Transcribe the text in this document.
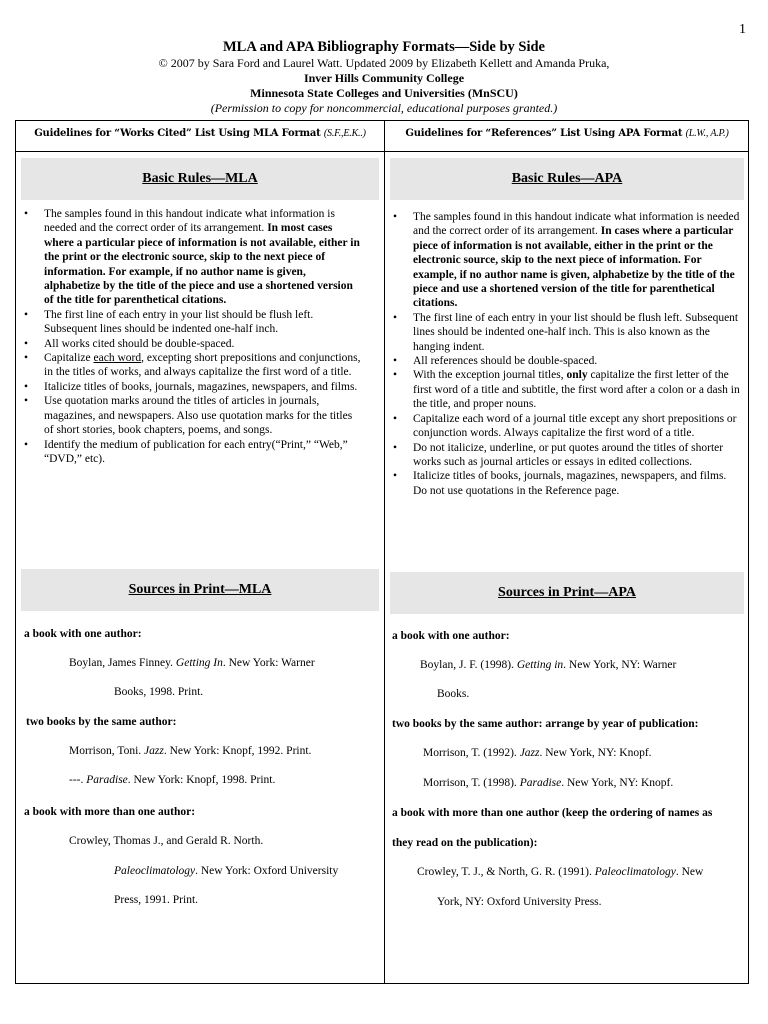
1
MLA and APA Bibliography Formats—Side by Side
© 2007 by Sara Ford and Laurel Watt. Updated 2009 by Elizabeth Kellett and Amanda Pruka,
Inver Hills Community College
Minnesota State Colleges and Universities (MnSCU)
(Permission to copy for noncommercial, educational purposes granted.)
Guidelines for “Works Cited” List Using MLA Format (S.F.,E.K..)
Basic Rules—MLA
• The samples found in this handout indicate what information is needed and the correct order of its arrangement. In most cases where a particular piece of information is not available, either in the print or the electronic source, skip to the next piece of information. For example, if no author name is given, alphabetize by the title of the piece and use a shortened version of the title for parenthetical citations.
• The first line of each entry in your list should be flush left. Subsequent lines should be indented one-half inch.
• All works cited should be double-spaced.
• Capitalize each word, excepting short prepositions and conjunctions, in the titles of works, and always capitalize the first word of a title.
• Italicize titles of books, journals, magazines, newspapers, and films.
• Use quotation marks around the titles of articles in journals, magazines, and newspapers. Also use quotation marks for the titles of short stories, book chapters, poems, and songs.
• Identify the medium of publication for each entry(“Print,” “Web,” “DVD,” etc).
Sources in Print—MLA
a book with one author:
Boylan, James Finney. Getting In. New York: Warner
Books, 1998. Print.
two books by the same author:
Morrison, Toni. Jazz. New York: Knopf, 1992. Print.
---. Paradise. New York: Knopf, 1998. Print.
a book with more than one author:
Crowley, Thomas J., and Gerald R. North.
Paleoclimatology. New York: Oxford University
Press, 1991. Print.
Guidelines for “References” List Using APA Format (L.W., A.P.)
Basic Rules—APA
• The samples found in this handout indicate what information is needed and the correct order of its arrangement. In cases where a particular piece of information is not available, either in the print or the electronic source, skip to the next piece of information. For example, if no author name is given, alphabetize by the title of the piece and use a shortened version of the title for parenthetical citations.
• The first line of each entry in your list should be flush left. Subsequent lines should be indented one-half inch. This is also known as the hanging indent.
• All references should be double-spaced.
• With the exception journal titles, only capitalize the first letter of the first word of a title and subtitle, the first word after a colon or a dash in the title, and proper nouns.
• Capitalize each word of a journal title except any short prepositions or conjunction words. Always capitalize the first word of a title.
• Do not italicize, underline, or put quotes around the titles of shorter works such as journal articles or essays in edited collections.
• Italicize titles of books, journals, magazines, newspapers, and films. Do not use quotations in the Reference page.
Sources in Print—APA
a book with one author:
Boylan, J. F. (1998). Getting in. New York, NY: Warner
Books.
two books by the same author: arrange by year of publication:
Morrison, T. (1992). Jazz. New York, NY: Knopf.
Morrison, T. (1998). Paradise. New York, NY: Knopf.
a book with more than one author (keep the ordering of names as
they read on the publication):
Crowley, T. J., & North, G. R. (1991). Paleoclimatology. New
York, NY: Oxford University Press.
